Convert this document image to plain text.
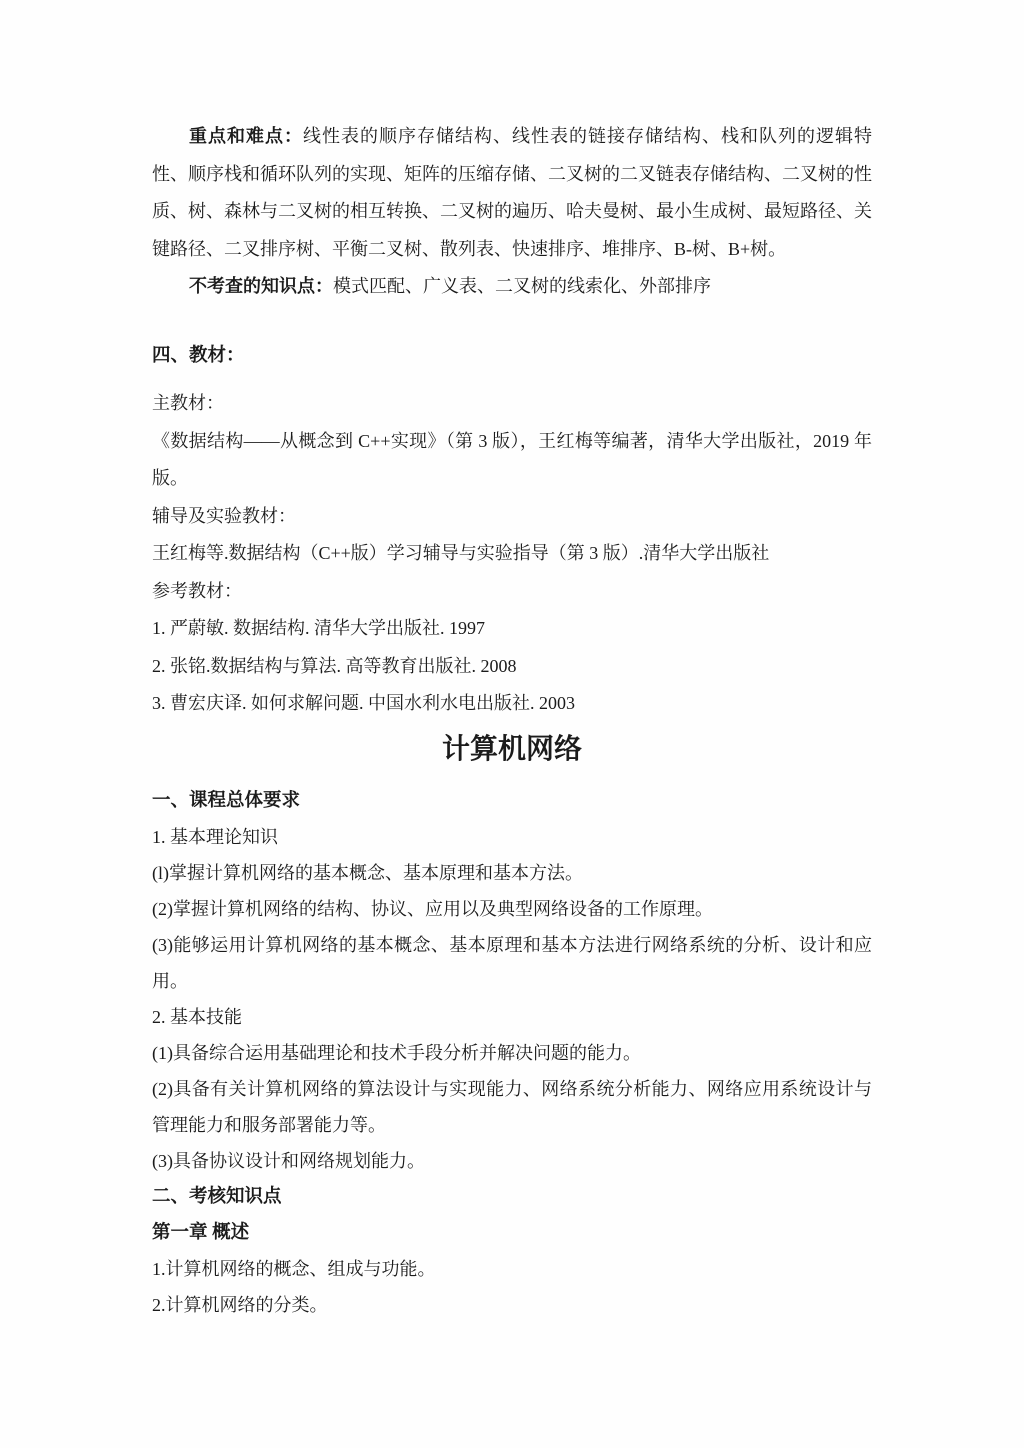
重点和难点：线性表的顺序存储结构、线性表的链接存储结构、栈和队列的逻辑特性、顺序栈和循环队列的实现、矩阵的压缩存储、二叉树的二叉链表存储结构、二叉树的性质、树、森林与二叉树的相互转换、二叉树的遍历、哈夫曼树、最小生成树、最短路径、关键路径、二叉排序树、平衡二叉树、散列表、快速排序、堆排序、B-树、B+树。

不考查的知识点：模式匹配、广义表、二叉树的线索化、外部排序

四、教材：

主教材：

《数据结构——从概念到 C++实现》（第 3 版），王红梅等编著，清华大学出版社，2019 年版。

辅导及实验教材：

王红梅等.数据结构（C++版）学习辅导与实验指导（第 3 版）.清华大学出版社

参考教材：

1. 严蔚敏. 数据结构. 清华大学出版社. 1997

2. 张铭.数据结构与算法. 高等教育出版社. 2008

3. 曹宏庆译. 如何求解问题. 中国水利水电出版社. 2003

计算机网络

一、课程总体要求

1. 基本理论知识

(l)掌握计算机网络的基本概念、基本原理和基本方法。

(2)掌握计算机网络的结构、协议、应用以及典型网络设备的工作原理。

(3)能够运用计算机网络的基本概念、基本原理和基本方法进行网络系统的分析、设计和应用。

2. 基本技能

(1)具备综合运用基础理论和技术手段分析并解决问题的能力。

(2)具备有关计算机网络的算法设计与实现能力、网络系统分析能力、网络应用系统设计与管理能力和服务部署能力等。

(3)具备协议设计和网络规划能力。

二、考核知识点

第一章 概述

1.计算机网络的概念、组成与功能。

2.计算机网络的分类。
